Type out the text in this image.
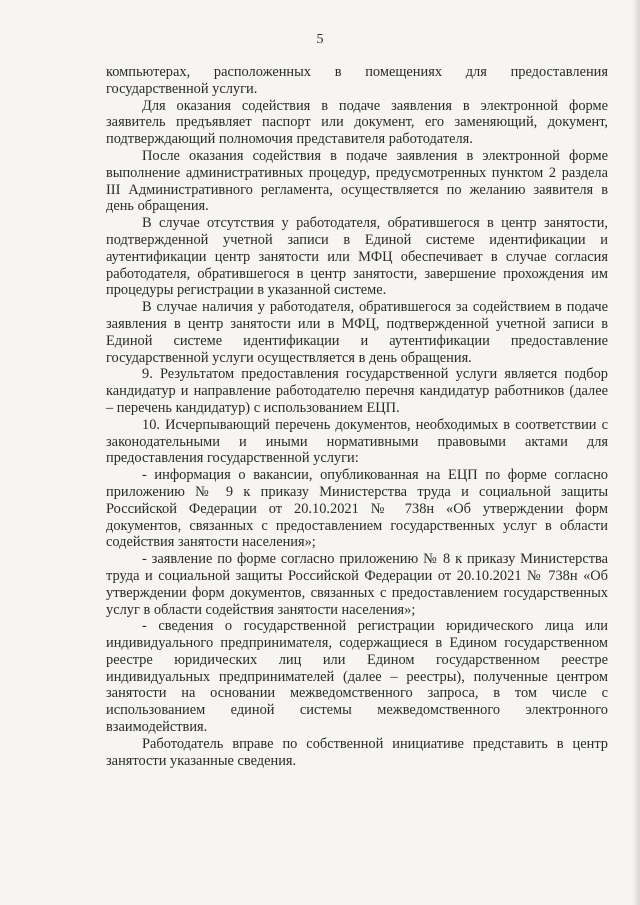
5

компьютерах, расположенных в помещениях для предоставления государственной услуги.

Для оказания содействия в подаче заявления в электронной форме заявитель предъявляет паспорт или документ, его заменяющий, документ, подтверждающий полномочия представителя работодателя.

После оказания содействия в подаче заявления в электронной форме выполнение административных процедур, предусмотренных пунктом 2 раздела III Административного регламента, осуществляется по желанию заявителя в день обращения.

В случае отсутствия у работодателя, обратившегося в центр занятости, подтвержденной учетной записи в Единой системе идентификации и аутентификации центр занятости или МФЦ обеспечивает в случае согласия работодателя, обратившегося в центр занятости, завершение прохождения им процедуры регистрации в указанной системе.

В случае наличия у работодателя, обратившегося за содействием в подаче заявления в центр занятости или в МФЦ, подтвержденной учетной записи в Единой системе идентификации и аутентификации предоставление государственной услуги осуществляется в день обращения.

9. Результатом предоставления государственной услуги является подбор кандидатур и направление работодателю перечня кандидатур работников (далее – перечень кандидатур) с использованием ЕЦП.

10. Исчерпывающий перечень документов, необходимых в соответствии с законодательными и иными нормативными правовыми актами для предоставления государственной услуги:

- информация о вакансии, опубликованная на ЕЦП по форме согласно приложению № 9 к приказу Министерства труда и социальной защиты Российской Федерации от 20.10.2021 № 738н «Об утверждении форм документов, связанных с предоставлением государственных услуг в области содействия занятости населения»;

- заявление по форме согласно приложению № 8 к приказу Министерства труда и социальной защиты Российской Федерации от 20.10.2021 № 738н «Об утверждении форм документов, связанных с предоставлением государственных услуг в области содействия занятости населения»;

- сведения о государственной регистрации юридического лица или индивидуального предпринимателя, содержащиеся в Едином государственном реестре юридических лиц или Едином государственном реестре индивидуальных предпринимателей (далее – реестры), полученные центром занятости на основании межведомственного запроса, в том числе с использованием единой системы межведомственного электронного взаимодействия.

Работодатель вправе по собственной инициативе представить в центр занятости указанные сведения.
